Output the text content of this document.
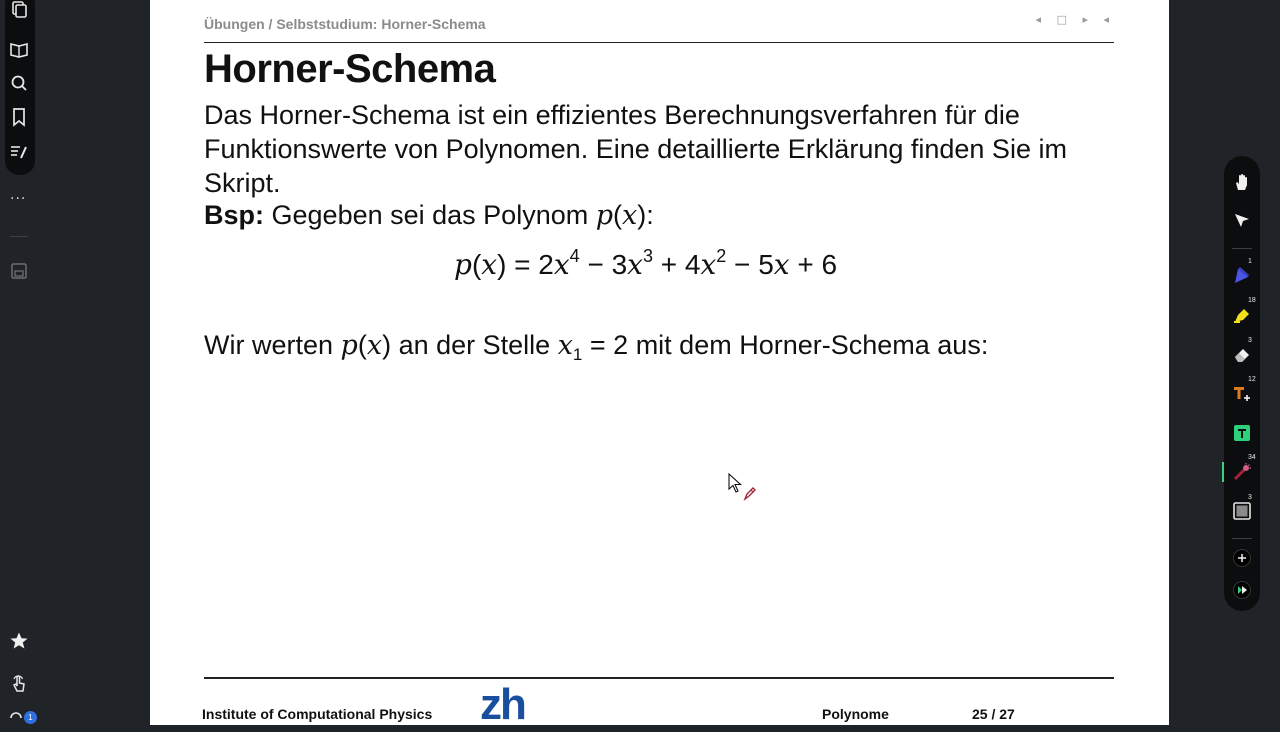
···
1
Übungen / Selbststudium: Horner-Schema	◂ □ ▸ ◂
Horner-Schema
Das Horner-Schema ist ein effizientes Berechnungsverfahren für die Funktionswerte von Polynomen. Eine detaillierte Erklärung finden Sie im Skript.
Bsp: Gegeben sei das Polynom p(x):
$p(x) = 2x^4 - 3x^3 + 4x^2 - 5x + 6$
Wir werten p(x) an der Stelle $x_1 = 2$ mit dem Horner-Schema aus:
Institute of Computational Physics zh	Polynome	25 / 27
1
18
3
12
34
3
